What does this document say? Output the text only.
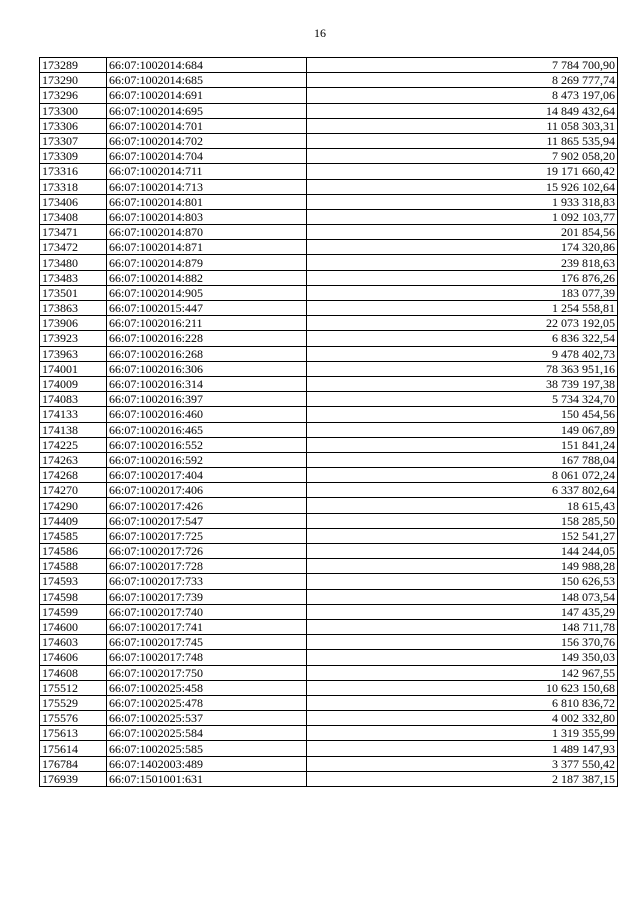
16
173289	66:07:1002014:684	7 784 700,90
173290	66:07:1002014:685	8 269 777,74
173296	66:07:1002014:691	8 473 197,06
173300	66:07:1002014:695	14 849 432,64
173306	66:07:1002014:701	11 058 303,31
173307	66:07:1002014:702	11 865 535,94
173309	66:07:1002014:704	7 902 058,20
173316	66:07:1002014:711	19 171 660,42
173318	66:07:1002014:713	15 926 102,64
173406	66:07:1002014:801	1 933 318,83
173408	66:07:1002014:803	1 092 103,77
173471	66:07:1002014:870	201 854,56
173472	66:07:1002014:871	174 320,86
173480	66:07:1002014:879	239 818,63
173483	66:07:1002014:882	176 876,26
173501	66:07:1002014:905	183 077,39
173863	66:07:1002015:447	1 254 558,81
173906	66:07:1002016:211	22 073 192,05
173923	66:07:1002016:228	6 836 322,54
173963	66:07:1002016:268	9 478 402,73
174001	66:07:1002016:306	78 363 951,16
174009	66:07:1002016:314	38 739 197,38
174083	66:07:1002016:397	5 734 324,70
174133	66:07:1002016:460	150 454,56
174138	66:07:1002016:465	149 067,89
174225	66:07:1002016:552	151 841,24
174263	66:07:1002016:592	167 788,04
174268	66:07:1002017:404	8 061 072,24
174270	66:07:1002017:406	6 337 802,64
174290	66:07:1002017:426	18 615,43
174409	66:07:1002017:547	158 285,50
174585	66:07:1002017:725	152 541,27
174586	66:07:1002017:726	144 244,05
174588	66:07:1002017:728	149 988,28
174593	66:07:1002017:733	150 626,53
174598	66:07:1002017:739	148 073,54
174599	66:07:1002017:740	147 435,29
174600	66:07:1002017:741	148 711,78
174603	66:07:1002017:745	156 370,76
174606	66:07:1002017:748	149 350,03
174608	66:07:1002017:750	142 967,55
175512	66:07:1002025:458	10 623 150,68
175529	66:07:1002025:478	6 810 836,72
175576	66:07:1002025:537	4 002 332,80
175613	66:07:1002025:584	1 319 355,99
175614	66:07:1002025:585	1 489 147,93
176784	66:07:1402003:489	3 377 550,42
176939	66:07:1501001:631	2 187 387,15
